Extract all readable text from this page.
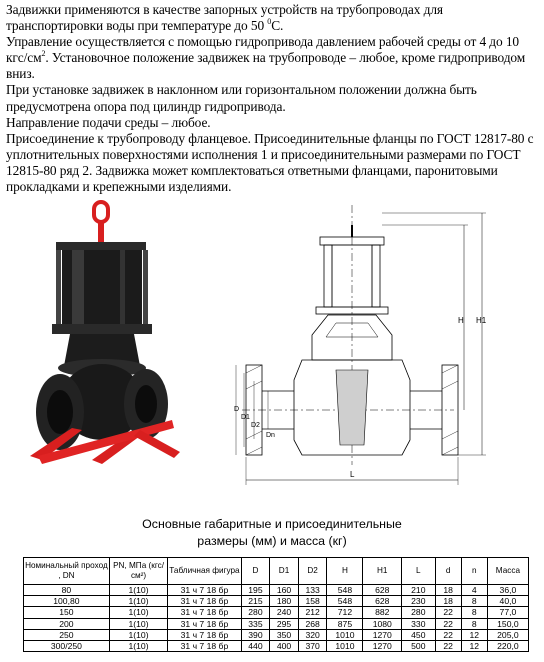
Задвижки применяются в качестве запорных устройств на трубопроводах для транспортировки воды при температуре до 50 $^0$С.

Управление осуществляется с помощью гидропривода давлением рабочей среды от 4 до 10 кгс/$см^2$. Установочное положение задвижек на трубопроводе – любое, кроме гидроприводом вниз.

При установке задвижек в наклонном или горизонтальном положении должна быть предусмотрена опора под цилиндр гидропривода.

Направление подачи среды – любое.

Присоединение к трубопроводу фланцевое. Присоединительные фланцы по ГОСТ 12817-80 с уплотнительных поверхностями исполнения 1 и присоединительными размерами по ГОСТ 12815-80 ряд 2. Задвижка может комплектоваться ответными фланцами, паронитовыми прокладками и крепежными изделиями.

H H1
L
D
D1
D2
Dn
Основные габаритные и присоединительные
размеры (мм) и масса (кг)
Номинальный проход , DN	PN, МПа (кгс/см²)	Табличная фигура	D	D1	D2	H	H1	L	d	n	Масса
80	1(10)	31 ч 7 18 бр	195	160	133	548	628	210	18	4	36,0
100,80	1(10)	31 ч 7 18 бр	215	180	158	548	628	230	18	8	40,0
150	1(10)	31 ч 7 18 бр	280	240	212	712	882	280	22	8	77,0
200	1(10)	31 ч 7 18 бр	335	295	268	875	1080	330	22	8	150,0
250	1(10)	31 ч 7 18 бр	390	350	320	1010	1270	450	22	12	205,0
300/250	1(10)	31 ч 7 18 бр	440	400	370	1010	1270	500	22	12	220,0
